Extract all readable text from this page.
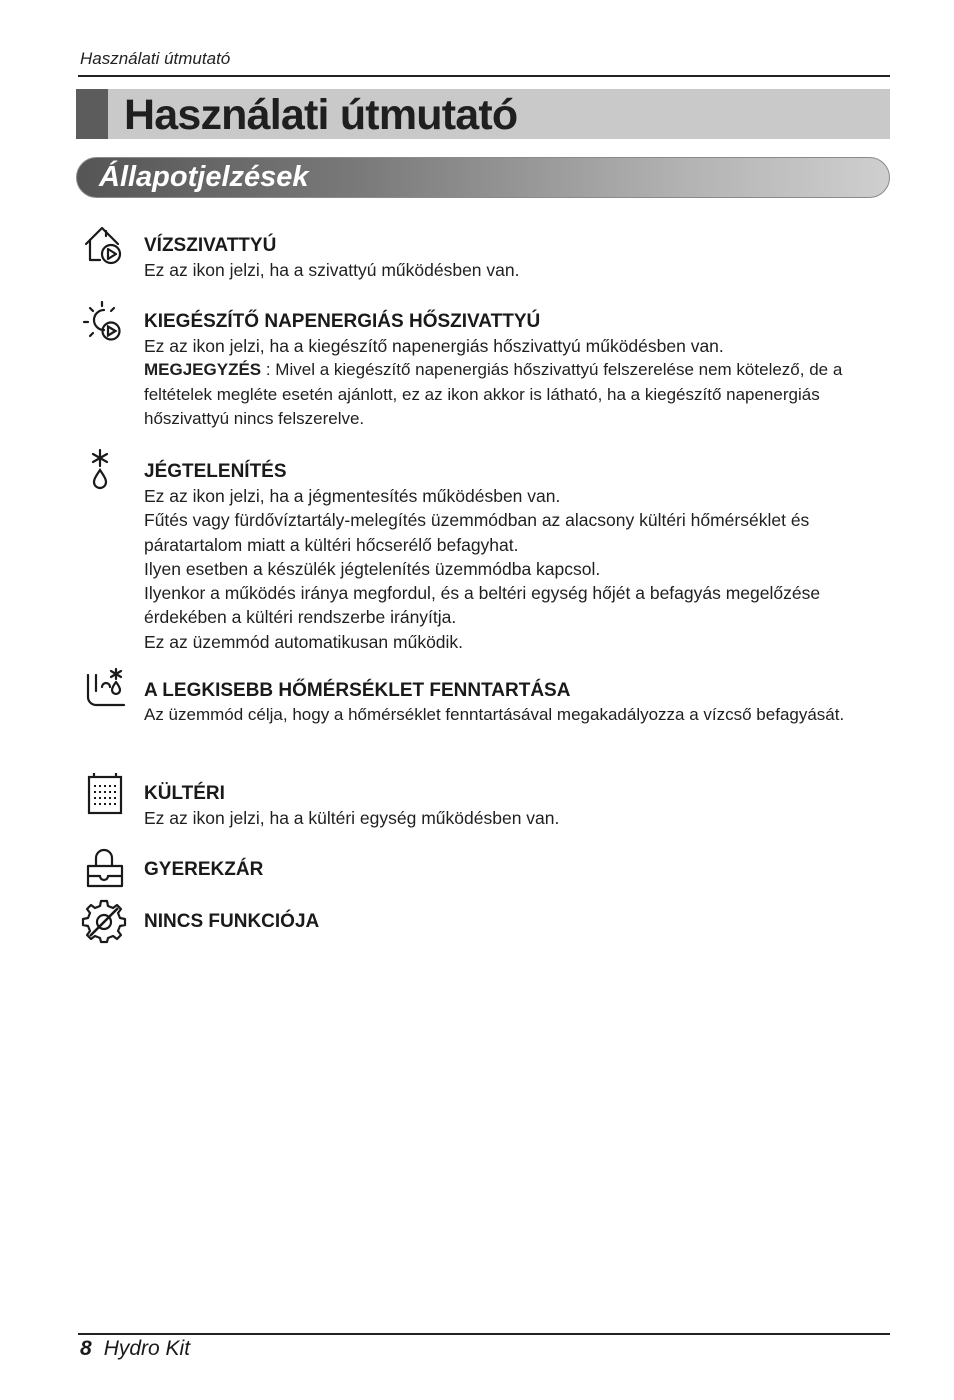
Használati útmutató
Használati útmutató
Állapotjelzések
VÍZSZIVATTYÚ

Ez az ikon jelzi, ha a szivattyú működésben van.

KIEGÉSZÍTŐ NAPENERGIÁS HŐSZIVATTYÚ

Ez az ikon jelzi, ha a kiegészítő napenergiás hőszivattyú működésben van.

MEGJEGYZÉS : Mivel a kiegészítő napenergiás hőszivattyú felszerelése nem kötelező, de a feltételek megléte esetén ajánlott, ez az ikon akkor is látható, ha a kiegészítő napenergiás hőszivattyú nincs felszerelve.

JÉGTELENÍTÉS

Ez az ikon jelzi, ha a jégmentesítés működésben van.

Fűtés vagy fürdővíztartály-melegítés üzemmódban az alacsony kültéri hőmérséklet és páratartalom miatt a kültéri hőcserélő befagyhat.

Ilyen esetben a készülék jégtelenítés üzemmódba kapcsol.

Ilyenkor a működés iránya megfordul, és a beltéri egység hőjét a befagyás megelőzése érdekében a kültéri rendszerbe irányítja.

Ez az üzemmód automatikusan működik.

A LEGKISEBB HŐMÉRSÉKLET FENNTARTÁSA

Az üzemmód célja, hogy a hőmérséklet fenntartásával megakadályozza a vízcső befagyását.

KÜLTÉRI

Ez az ikon jelzi, ha a kültéri egység működésben van.

GYEREKZÁR
NINCS FUNKCIÓJA
8 Hydro Kit
